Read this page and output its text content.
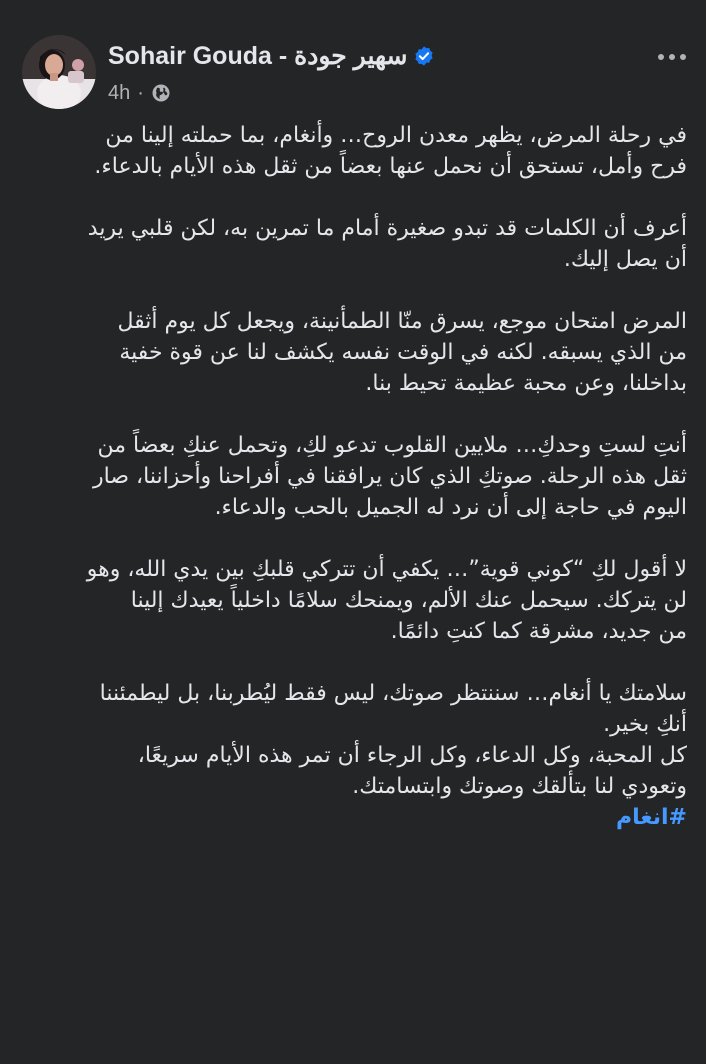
Sohair Gouda - سهير جودة
4h ·
في رحلة المرض، يظهر معدن الروح… وأنغام، بما حملته إلينا من
فرح وأمل، تستحق أن نحمل عنها بعضاً من ثقل هذه الأيام بالدعاء.
أعرف أن الكلمات قد تبدو صغيرة أمام ما تمرين به، لكن قلبي يريد
أن يصل إليك.
المرض امتحان موجع، يسرق منّا الطمأنينة، ويجعل كل يوم أثقل
من الذي يسبقه. لكنه في الوقت نفسه يكشف لنا عن قوة خفية
بداخلنا، وعن محبة عظيمة تحيط بنا.
أنتِ لستِ وحدكِ… ملايين القلوب تدعو لكِ، وتحمل عنكِ بعضاً من
ثقل هذه الرحلة. صوتكِ الذي كان يرافقنا في أفراحنا وأحزاننا، صار
اليوم في حاجة إلى أن نرد له الجميل بالحب والدعاء.
لا أقول لكِ “كوني قوية”… يكفي أن تتركي قلبكِ بين يدي الله، وهو
لن يتركك. سيحمل عنك الألم، ويمنحك سلامًا داخلياً يعيدك إلينا
من جديد، مشرقة كما كنتِ دائمًا.
سلامتك يا أنغام… سننتظر صوتك، ليس فقط ليُطربنا، بل ليطمئننا
أنكِ بخير.
كل المحبة، وكل الدعاء، وكل الرجاء أن تمر هذه الأيام سريعًا،
وتعودي لنا بتألقك وصوتك وابتسامتك.
#انغام
